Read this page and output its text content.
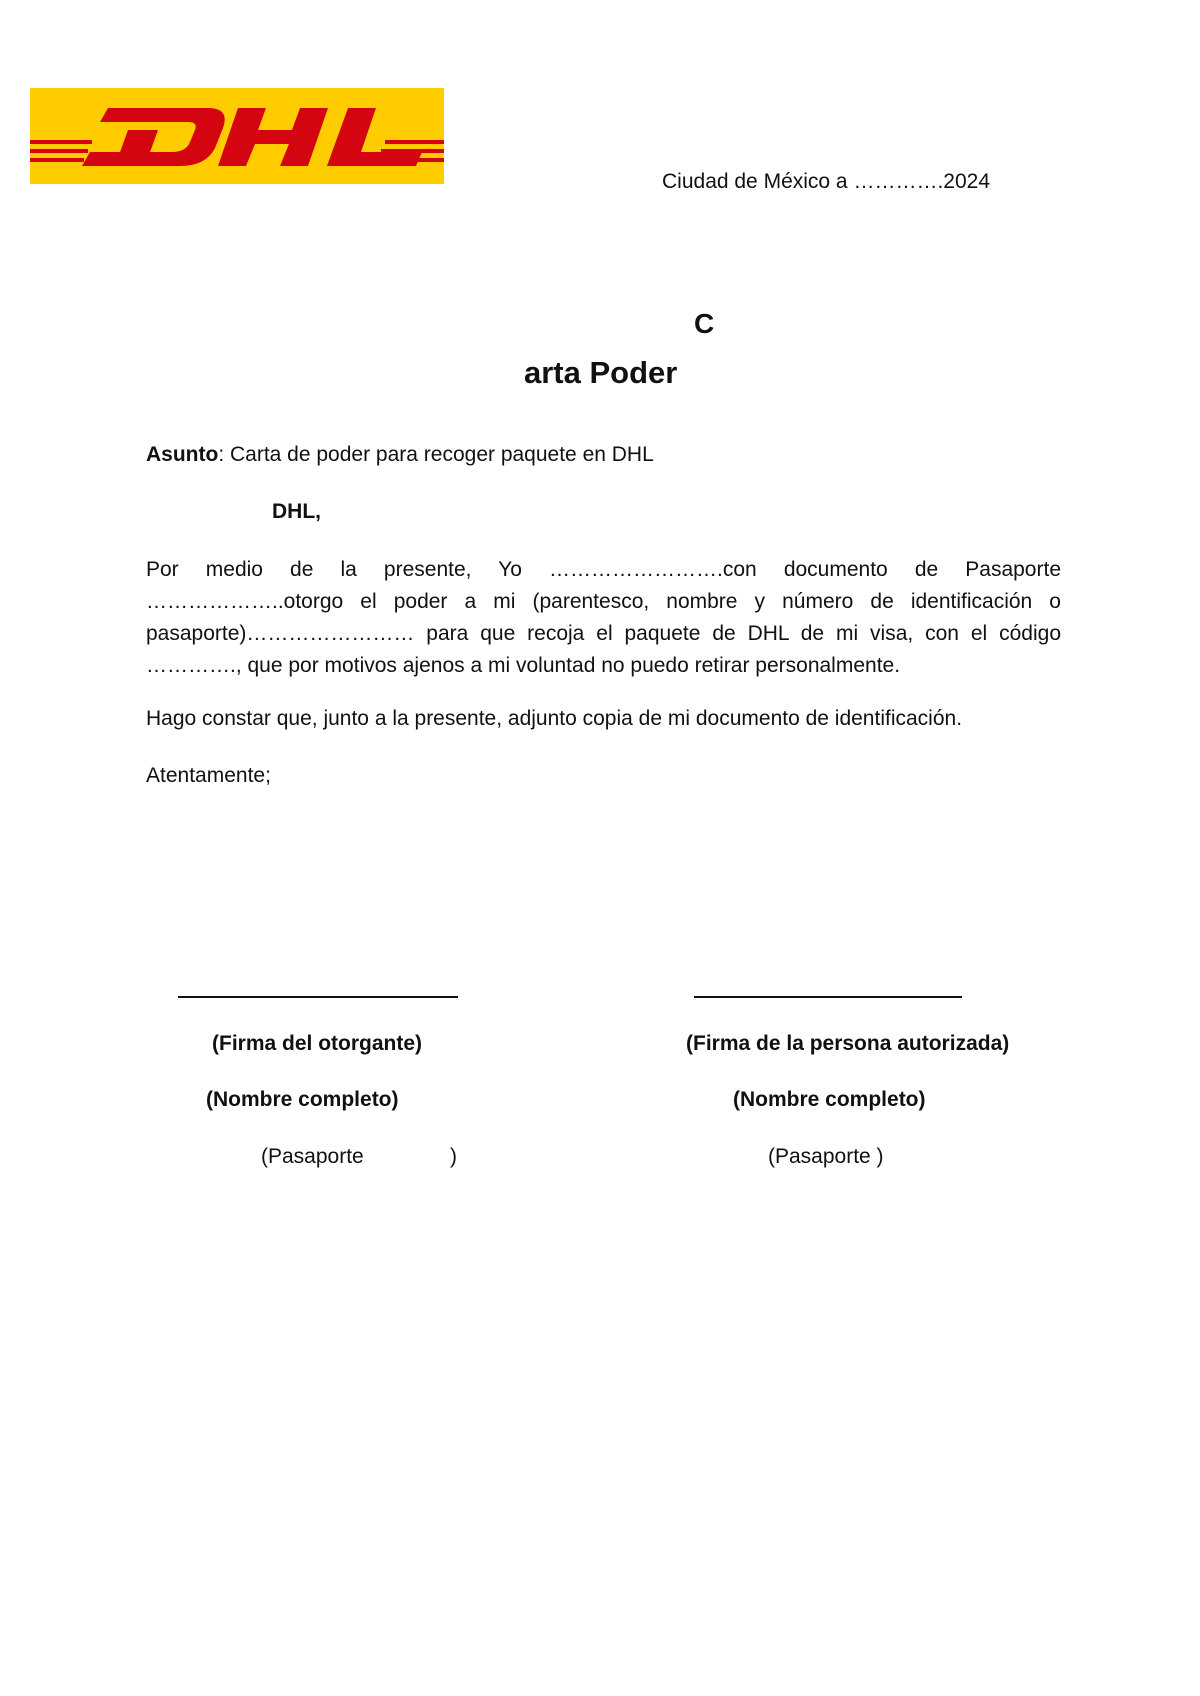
Ciudad de México a ………….2024
C
arta Poder
Asunto: Carta de poder para recoger paquete en DHL
DHL,
Por medio de la presente, Yo …………………….con documento de Pasaporte ………………..otorgo el poder a mi (parentesco, nombre y número de identificación o pasaporte)…………………… para que recoja el paquete de DHL de mi visa, con el código …………., que por motivos ajenos a mi voluntad no puedo retirar personalmente.
Hago constar que, junto a la presente, adjunto copia de mi documento de identificación.
Atentamente;
(Firma del otorgante)
(Nombre completo)
(Pasaporte	)
(Firma de la persona autorizada)
(Nombre completo)
(Pasaporte )
